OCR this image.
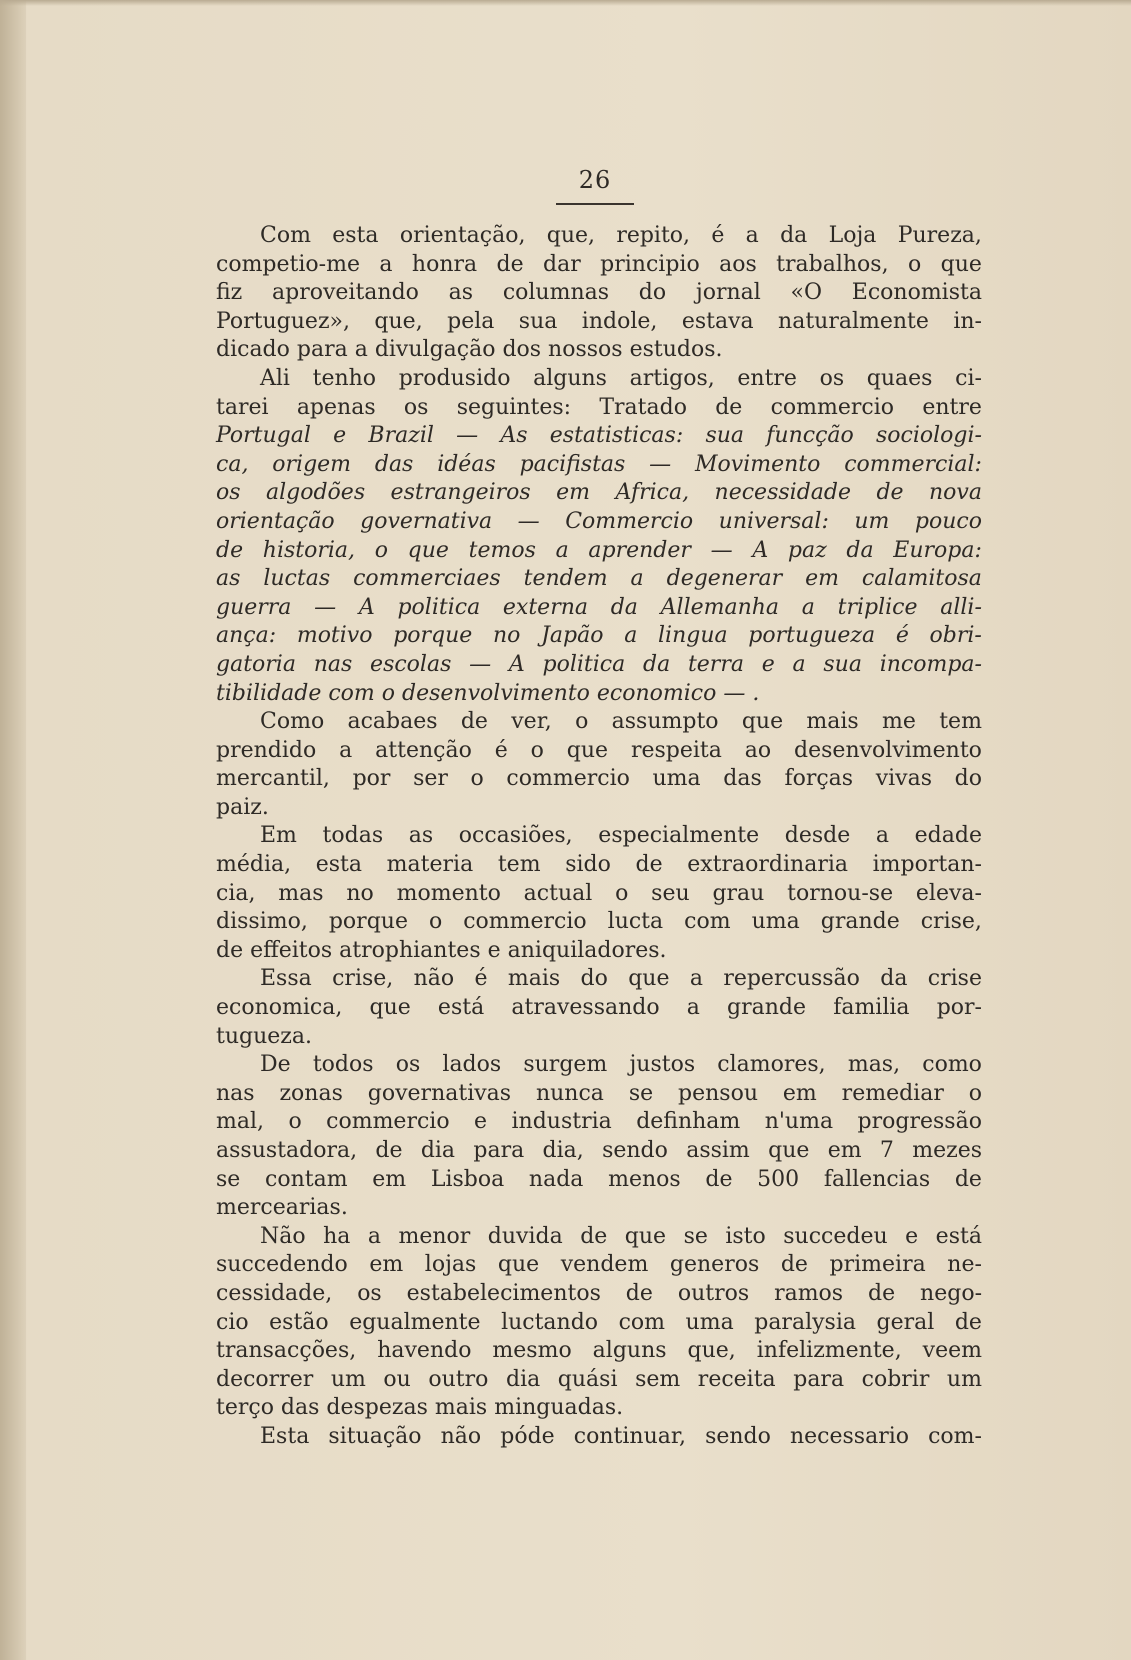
26
Com esta orientação, que, repito, é a da Loja Pureza,
competio-me a honra de dar principio aos trabalhos, o que
fiz aproveitando as columnas do jornal «O Economista
Portuguez», que, pela sua indole, estava naturalmente in-
dicado para a divulgação dos nossos estudos.
Ali tenho produsido alguns artigos, entre os quaes ci-
tarei apenas os seguintes: Tratado de commercio entre
Portugal e Brazil — As estatisticas: sua funcção sociologi-
ca, origem das idéas pacifistas — Movimento commercial:
os algodões estrangeiros em Africa, necessidade de nova
orientação governativa — Commercio universal: um pouco
de historia, o que temos a aprender — A paz da Europa:
as luctas commerciaes tendem a degenerar em calamitosa
guerra — A politica externa da Allemanha a triplice alli-
ança: motivo porque no Japão a lingua portugueza é obri-
gatoria nas escolas — A politica da terra e a sua incompa-
tibilidade com o desenvolvimento economico — .
Como acabaes de ver, o assumpto que mais me tem
prendido a attenção é o que respeita ao desenvolvimento
mercantil, por ser o commercio uma das forças vivas do
paiz.
Em todas as occasiões, especialmente desde a edade
média, esta materia tem sido de extraordinaria importan-
cia, mas no momento actual o seu grau tornou-se eleva-
dissimo, porque o commercio lucta com uma grande crise,
de effeitos atrophiantes e aniquiladores.
Essa crise, não é mais do que a repercussão da crise
economica, que está atravessando a grande familia por-
tugueza.
De todos os lados surgem justos clamores, mas, como
nas zonas governativas nunca se pensou em remediar o
mal, o commercio e industria definham n'uma progressão
assustadora, de dia para dia, sendo assim que em 7 mezes
se contam em Lisboa nada menos de 500 fallencias de
mercearias.
Não ha a menor duvida de que se isto succedeu e está
succedendo em lojas que vendem generos de primeira ne-
cessidade, os estabelecimentos de outros ramos de nego-
cio estão egualmente luctando com uma paralysia geral de
transacções, havendo mesmo alguns que, infelizmente, veem
decorrer um ou outro dia quási sem receita para cobrir um
terço das despezas mais minguadas.
Esta situação não póde continuar, sendo necessario com-
